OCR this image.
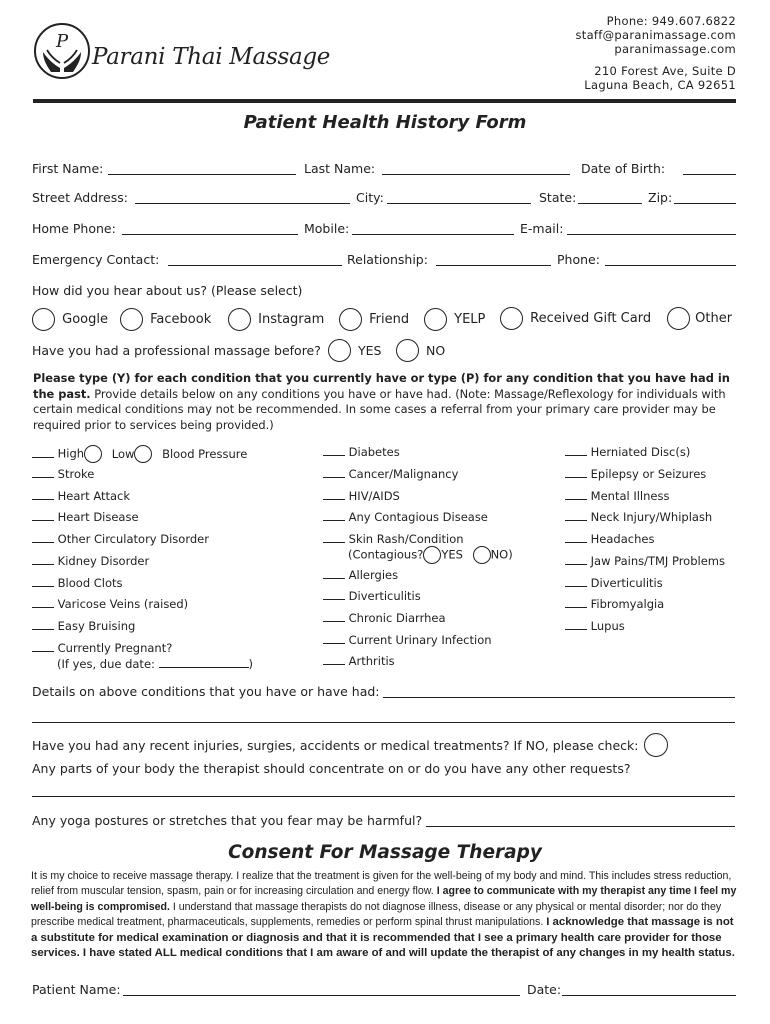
P
Parani Thai Massage
Phone: 949.607.6822
staff@paranimassage.com
paranimassage.com
210 Forest Ave, Suite D
Laguna Beach, CA 92651
Patient Health History Form
First Name:	Last Name:	Date of Birth:
Street Address:	City:	State:	Zip:
Home Phone:	Mobile:	E-mail:
Emergency Contact:	Relationship:	Phone:
How did you hear about us? (Please select)
Google	Facebook	Instagram	Friend	YELP	Received Gift Card	Other
Have you had a professional massage before?	YES	NO
Please type (Y) for each condition that you currently have or type (P) for any condition that you have had in the past. Provide details below on any conditions you have or have had. (Note: Massage/Reflexology for individuals with certain medical conditions may not be recommended. In some cases a referral from your primary care provider may be required prior to services being provided.)
High Low Blood Pressure
Stroke
Heart Attack
Heart Disease
Other Circulatory Disorder
Kidney Disorder
Blood Clots
Varicose Veins (raised)
Easy Bruising
Currently Pregnant?
(If yes, due date:	)
Diabetes
Cancer/Malignancy
HIV/AIDS
Any Contagious Disease
Skin Rash/Condition
(Contagious? YES NO)
Allergies
Diverticulitis
Chronic Diarrhea
Current Urinary Infection
Arthritis
Herniated Disc(s)
Epilepsy or Seizures
Mental Illness
Neck Injury/Whiplash
Headaches
Jaw Pains/TMJ Problems
Diverticulitis
Fibromyalgia
Lupus
Details on above conditions that you have or have had:
Have you had any recent injuries, surgies, accidents or medical treatments? If NO, please check:
Any parts of your body the therapist should concentrate on or do you have any other requests?
Any yoga postures or stretches that you fear may be harmful?
Consent For Massage Therapy
It is my choice to receive massage therapy. I realize that the treatment is given for the well-being of my body and mind. This includes stress reduction, relief from muscular tension, spasm, pain or for increasing circulation and energy flow. I agree to communicate with my therapist any time I feel my well-being is compromised. I understand that massage therapists do not diagnose illness, disease or any physical or mental disorder; nor do they prescribe medical treatment, pharmaceuticals, supplements, remedies or perform spinal thrust manipulations. I acknowledge that massage is not a substitute for medical examination or diagnosis and that it is recommended that I see a primary health care provider for those services. I have stated ALL medical conditions that I am aware of and will update the therapist of any changes in my health status.
Patient Name:	Date:
